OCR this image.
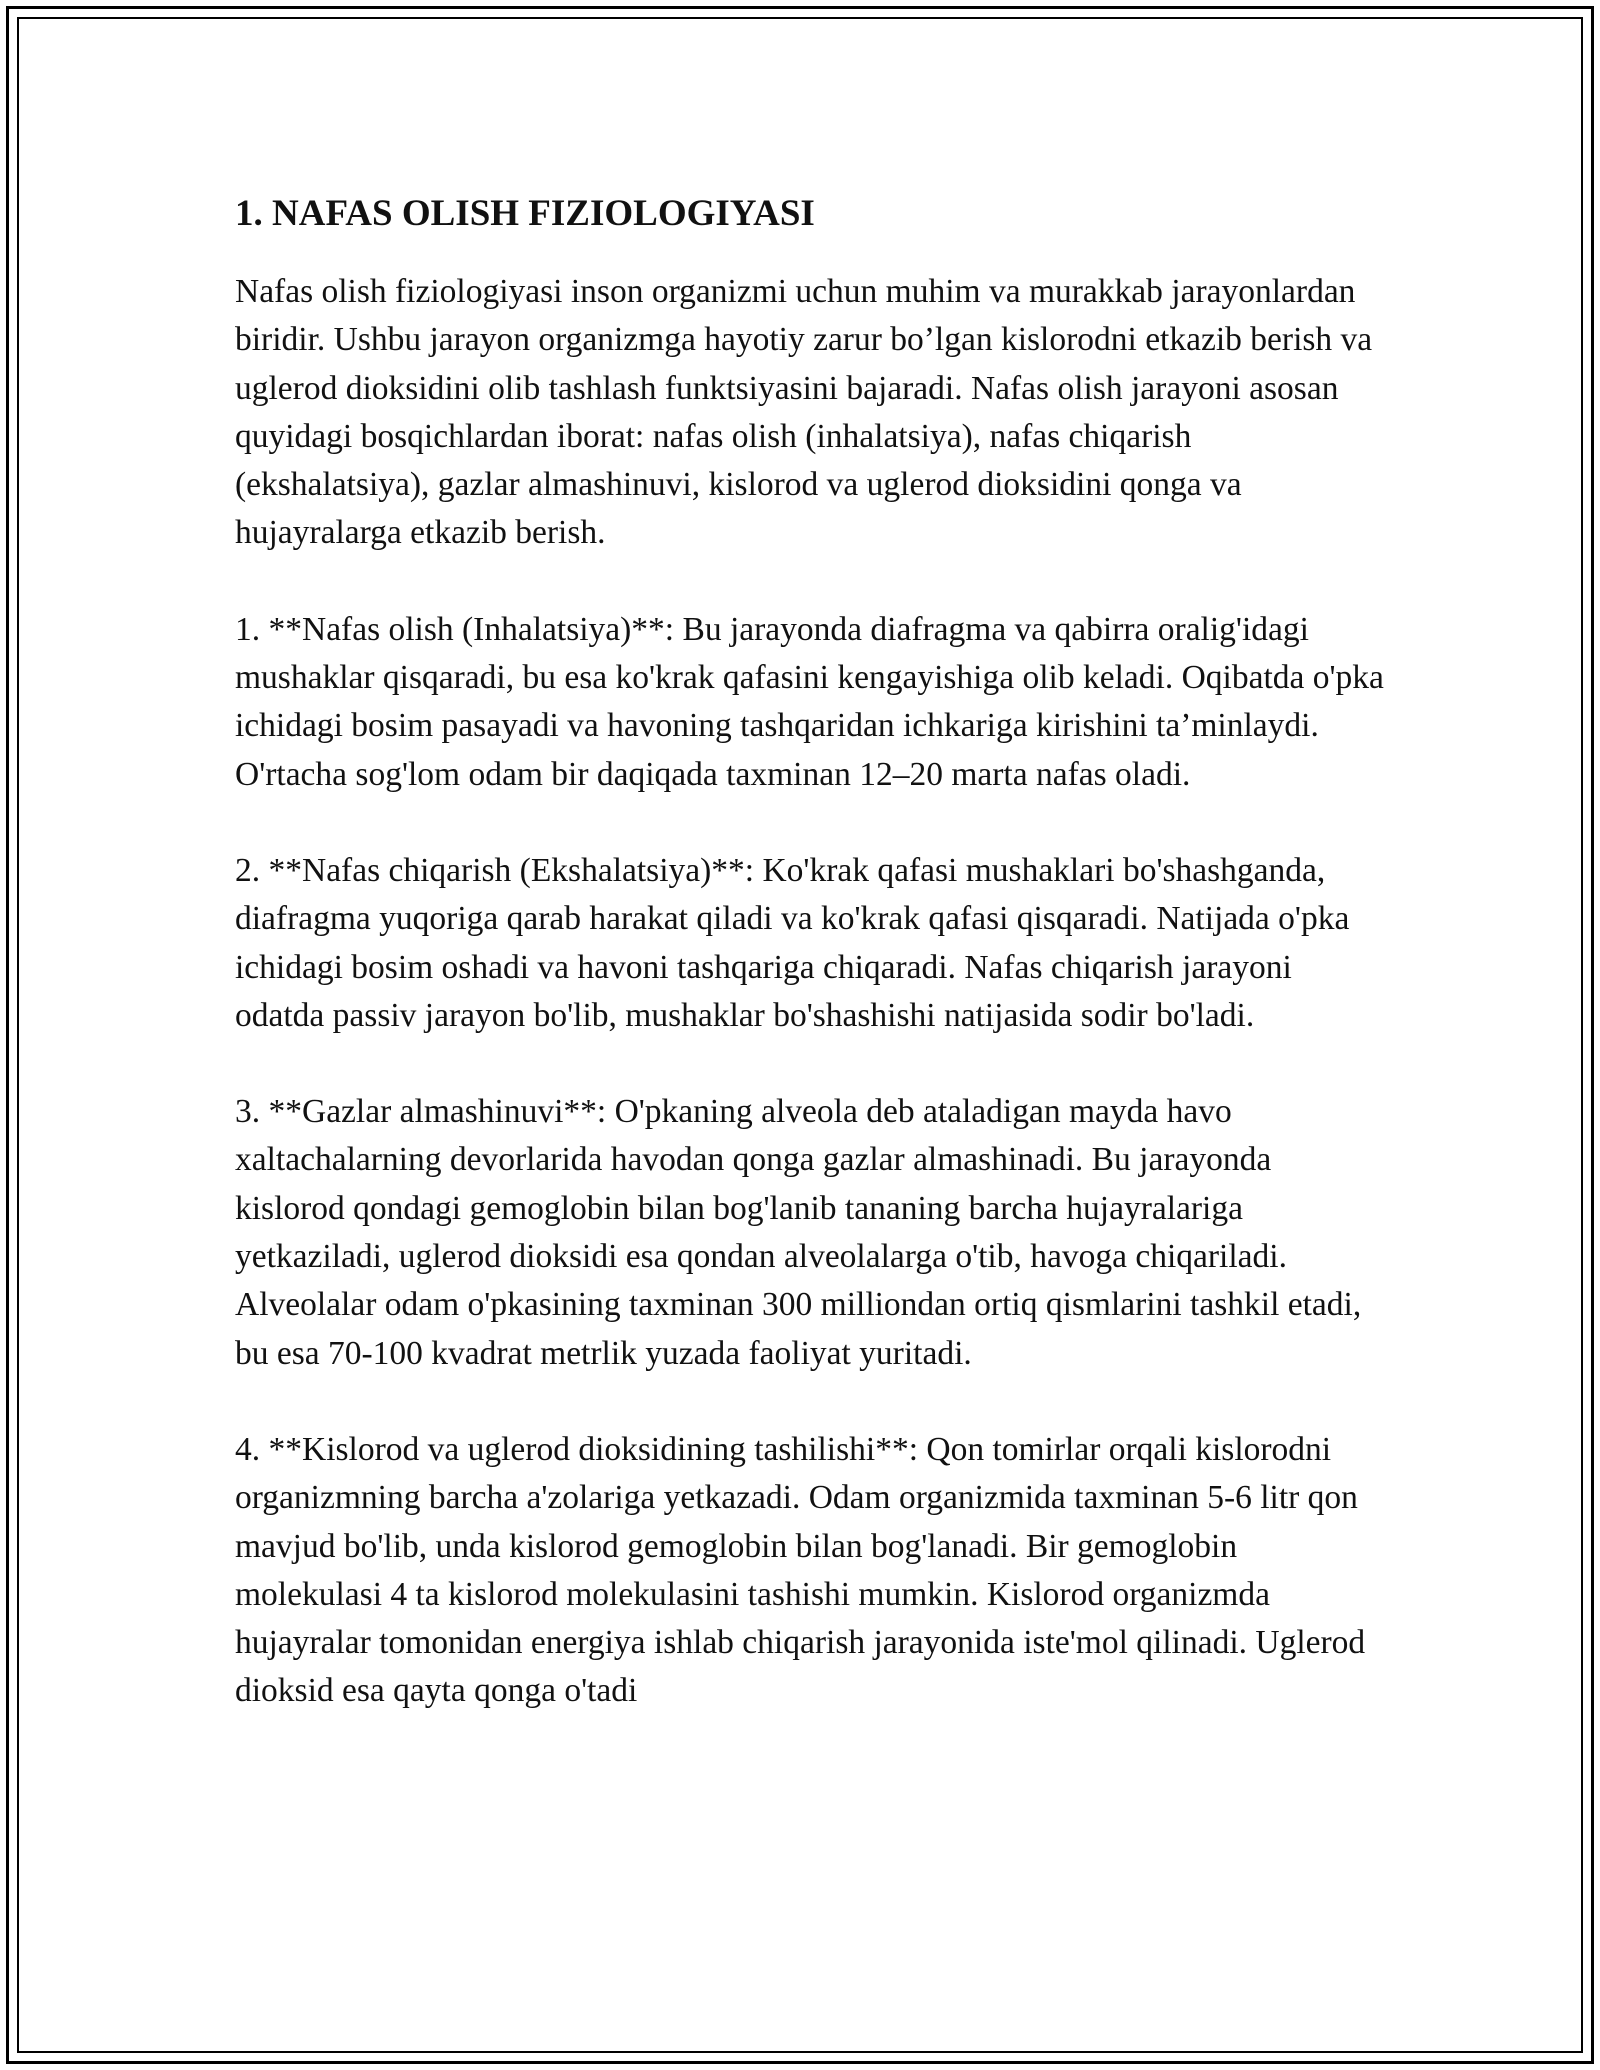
1. NAFAS OLISH FIZIOLOGIYASI

Nafas olish fiziologiyasi inson organizmi uchun muhim va murakkab jarayonlardan biridir. Ushbu jarayon organizmga hayotiy zarur bo’lgan kislorodni etkazib berish va uglerod dioksidini olib tashlash funktsiyasini bajaradi. Nafas olish jarayoni asosan quyidagi bosqichlardan iborat: nafas olish (inhalatsiya), nafas chiqarish (ekshalatsiya), gazlar almashinuvi, kislorod va uglerod dioksidini qonga va hujayralarga etkazib berish.

1. **Nafas olish (Inhalatsiya)**: Bu jarayonda diafragma va qabirra oralig'idagi mushaklar qisqaradi, bu esa ko'krak qafasini kengayishiga olib keladi. Oqibatda o'pka ichidagi bosim pasayadi va havoning tashqaridan ichkariga kirishini ta’minlaydi. O'rtacha sog'lom odam bir daqiqada taxminan 12–20 marta nafas oladi.

2. **Nafas chiqarish (Ekshalatsiya)**: Ko'krak qafasi mushaklari bo'shashganda, diafragma yuqoriga qarab harakat qiladi va ko'krak qafasi qisqaradi. Natijada o'pka ichidagi bosim oshadi va havoni tashqariga chiqaradi. Nafas chiqarish jarayoni odatda passiv jarayon bo'lib, mushaklar bo'shashishi natijasida sodir bo'ladi.

3. **Gazlar almashinuvi**: O'pkaning alveola deb ataladigan mayda havo xaltachalarning devorlarida havodan qonga gazlar almashinadi. Bu jarayonda kislorod qondagi gemoglobin bilan bog'lanib tananing barcha hujayralariga yetkaziladi, uglerod dioksidi esa qondan alveolalarga o'tib, havoga chiqariladi. Alveolalar odam o'pkasining taxminan 300 milliondan ortiq qismlarini tashkil etadi, bu esa 70-100 kvadrat metrlik yuzada faoliyat yuritadi.

4. **Kislorod va uglerod dioksidining tashilishi**: Qon tomirlar orqali kislorodni organizmning barcha a'zolariga yetkazadi. Odam organizmida taxminan 5-6 litr qon mavjud bo'lib, unda kislorod gemoglobin bilan bog'lanadi. Bir gemoglobin molekulasi 4 ta kislorod molekulasini tashishi mumkin. Kislorod organizmda hujayralar tomonidan energiya ishlab chiqarish jarayonida iste'mol qilinadi. Uglerod dioksid esa qayta qonga o'tadi
